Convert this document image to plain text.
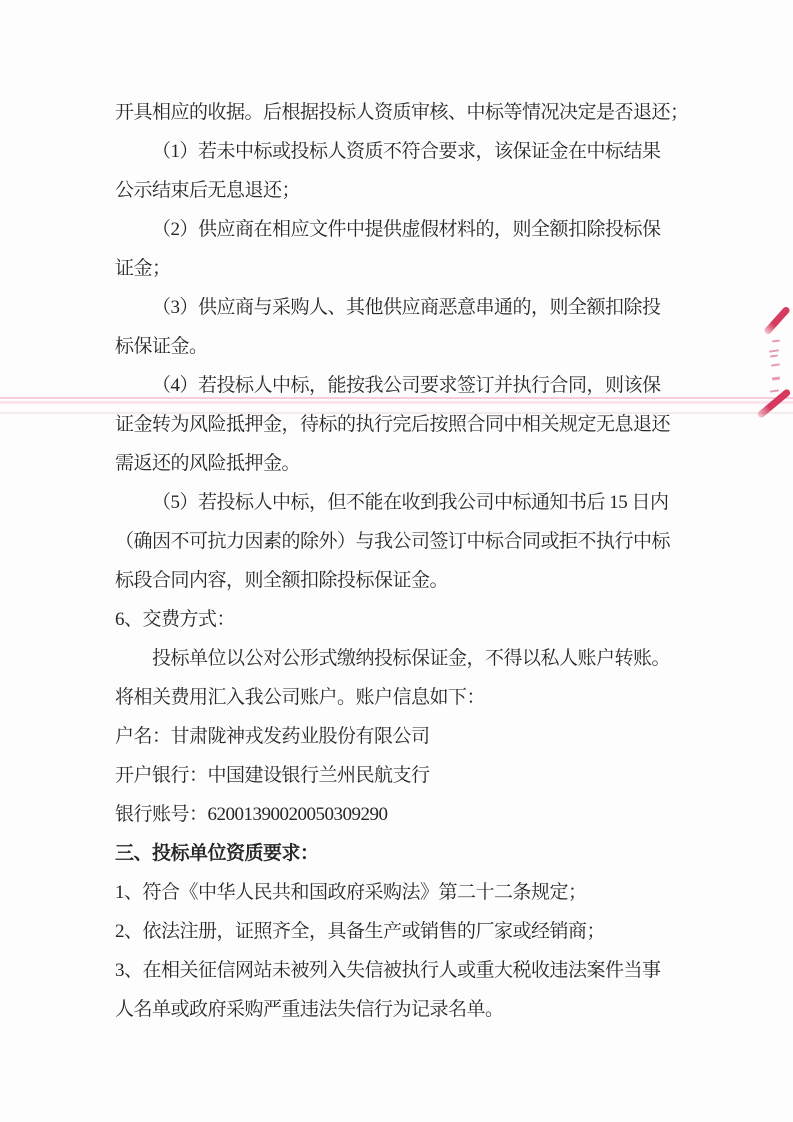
开具相应的收据。后根据投标人资质审核、中标等情况决定是否退还；
（1）若未中标或投标人资质不符合要求，该保证金在中标结果
公示结束后无息退还；
（2）供应商在相应文件中提供虚假材料的，则全额扣除投标保
证金；
（3）供应商与采购人、其他供应商恶意串通的，则全额扣除投
标保证金。
（4）若投标人中标，能按我公司要求签订并执行合同，则该保
证金转为风险抵押金，待标的执行完后按照合同中相关规定无息退还
需返还的风险抵押金。
（5）若投标人中标，但不能在收到我公司中标通知书后 15 日内
（确因不可抗力因素的除外）与我公司签订中标合同或拒不执行中标
标段合同内容，则全额扣除投标保证金。
6、交费方式：
投标单位以公对公形式缴纳投标保证金，不得以私人账户转账。
将相关费用汇入我公司账户。账户信息如下：
户名：甘肃陇神戎发药业股份有限公司
开户银行：中国建设银行兰州民航支行
银行账号：62001390020050309290
三、投标单位资质要求：
1、符合《中华人民共和国政府采购法》第二十二条规定；
2、依法注册，证照齐全，具备生产或销售的厂家或经销商；
3、在相关征信网站未被列入失信被执行人或重大税收违法案件当事
人名单或政府采购严重违法失信行为记录名单。
